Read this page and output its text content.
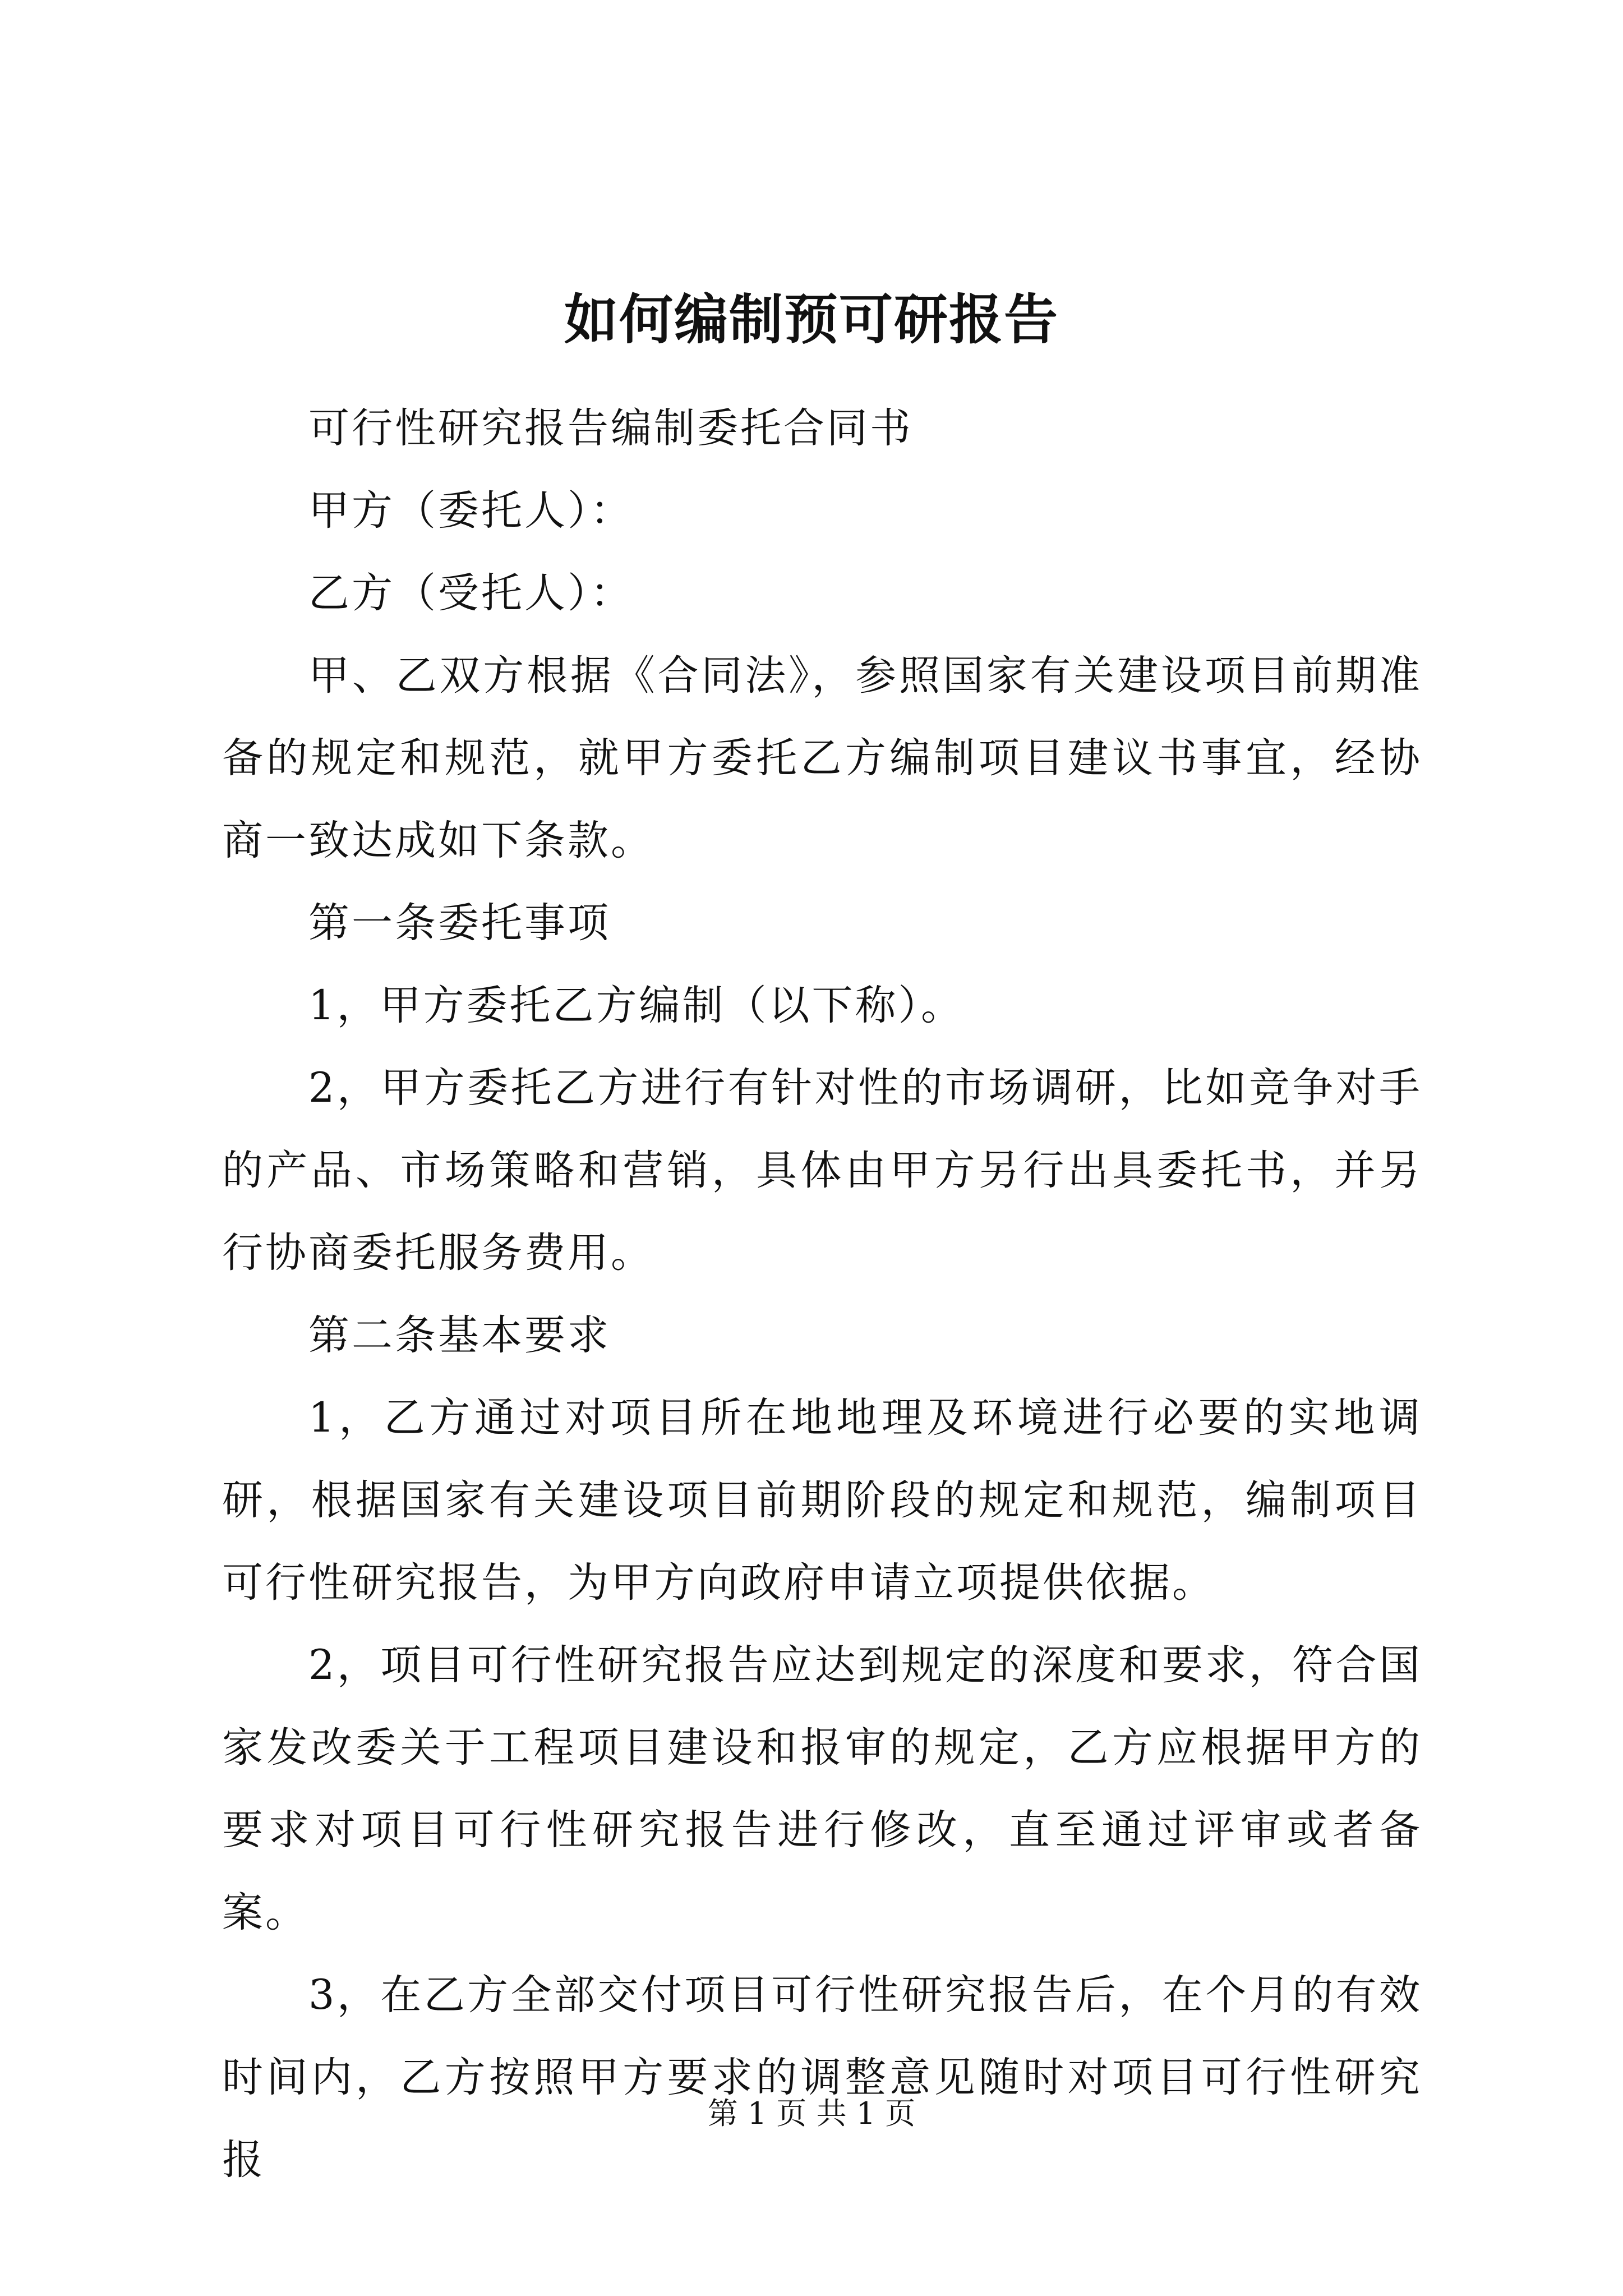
如何编制预可研报告

可行性研究报告编制委托合同书

甲方（委托人）：

乙方（受托人）：

甲、乙双方根据《合同法》，参照国家有关建设项目前期准备的规定和规范，就甲方委托乙方编制项目建议书事宜，经协商一致达成如下条款。

第一条委托事项

1，甲方委托乙方编制（以下称）。

2，甲方委托乙方进行有针对性的市场调研，比如竞争对手的产品、市场策略和营销，具体由甲方另行出具委托书，并另行协商委托服务费用。

第二条基本要求

1，乙方通过对项目所在地地理及环境进行必要的实地调研，根据国家有关建设项目前期阶段的规定和规范，编制项目可行性研究报告，为甲方向政府申请立项提供依据。

2，项目可行性研究报告应达到规定的深度和要求，符合国家发改委关于工程项目建设和报审的规定，乙方应根据甲方的要求对项目可行性研究报告进行修改，直至通过评审或者备案。

3，在乙方全部交付项目可行性研究报告后，在个月的有效时间内，乙方按照甲方要求的调整意见随时对项目可行性研究报

第 1 页 共 1 页
